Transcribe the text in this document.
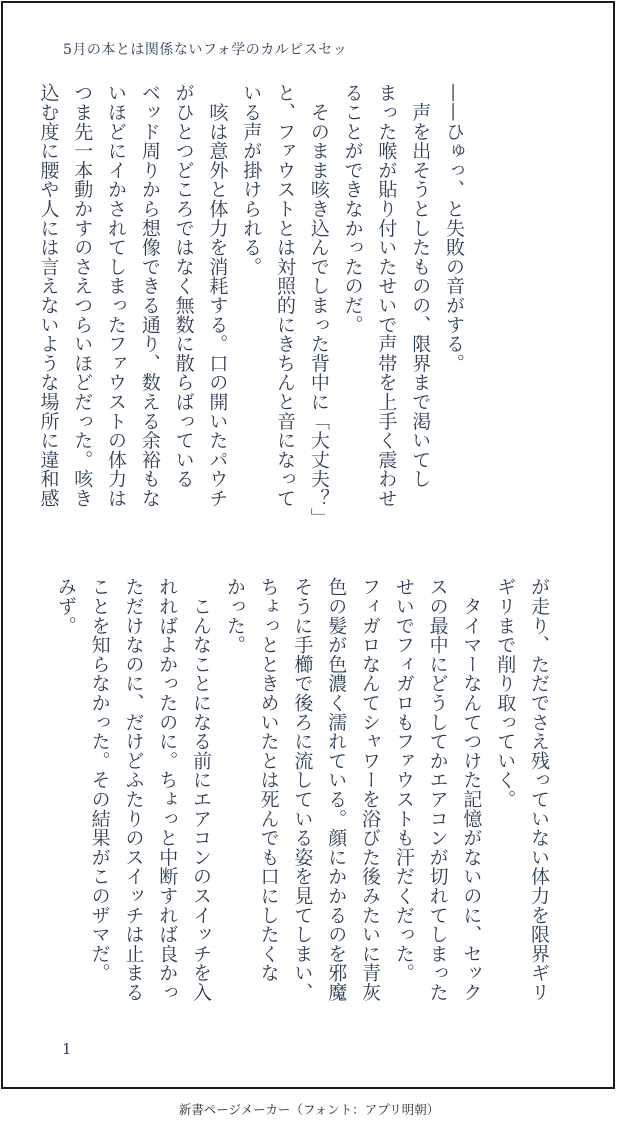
5月の本とは関係ないフォ学のカルピスセッ

——ひゅっ、と失敗の音がする。

　声を出そうとしたものの、限界まで渇いてし

まった喉が貼り付いたせいで声帯を上手く震わせ

ることができなかったのだ。

　そのまま咳き込んでしまった背中に「大丈夫？」

と、ファウストとは対照的にきちんと音になって

いる声が掛けられる。

　咳は意外と体力を消耗する。口の開いたパウチ

がひとつどころではなく無数に散らばっている

ベッド周りから想像できる通り、数える余裕もな

いほどにイかされてしまったファウストの体力は

つま先一本動かすのさえつらいほどだった。咳き

込む度に腰や人には言えないような場所に違和感

が走り、ただでさえ残っていない体力を限界ギリ

ギリまで削り取っていく。

　タイマーなんてつけた記憶がないのに、セック

スの最中にどうしてかエアコンが切れてしまった

せいでフィガロもファウストも汗だくだった。

フィガロなんてシャワーを浴びた後みたいに青灰

色の髪が色濃く濡れている。顔にかかるのを邪魔

そうに手櫛で後ろに流している姿を見てしまい、

ちょっとときめいたとは死んでも口にしたくな

かった。

　こんなことになる前にエアコンのスイッチを入

れればよかったのに。ちょっと中断すれば良かっ

ただけなのに、だけどふたりのスイッチは止まる

ことを知らなかった。その結果がこのザマだ。

みず。

1
新書ページメーカー（フォント：アプリ明朝）
